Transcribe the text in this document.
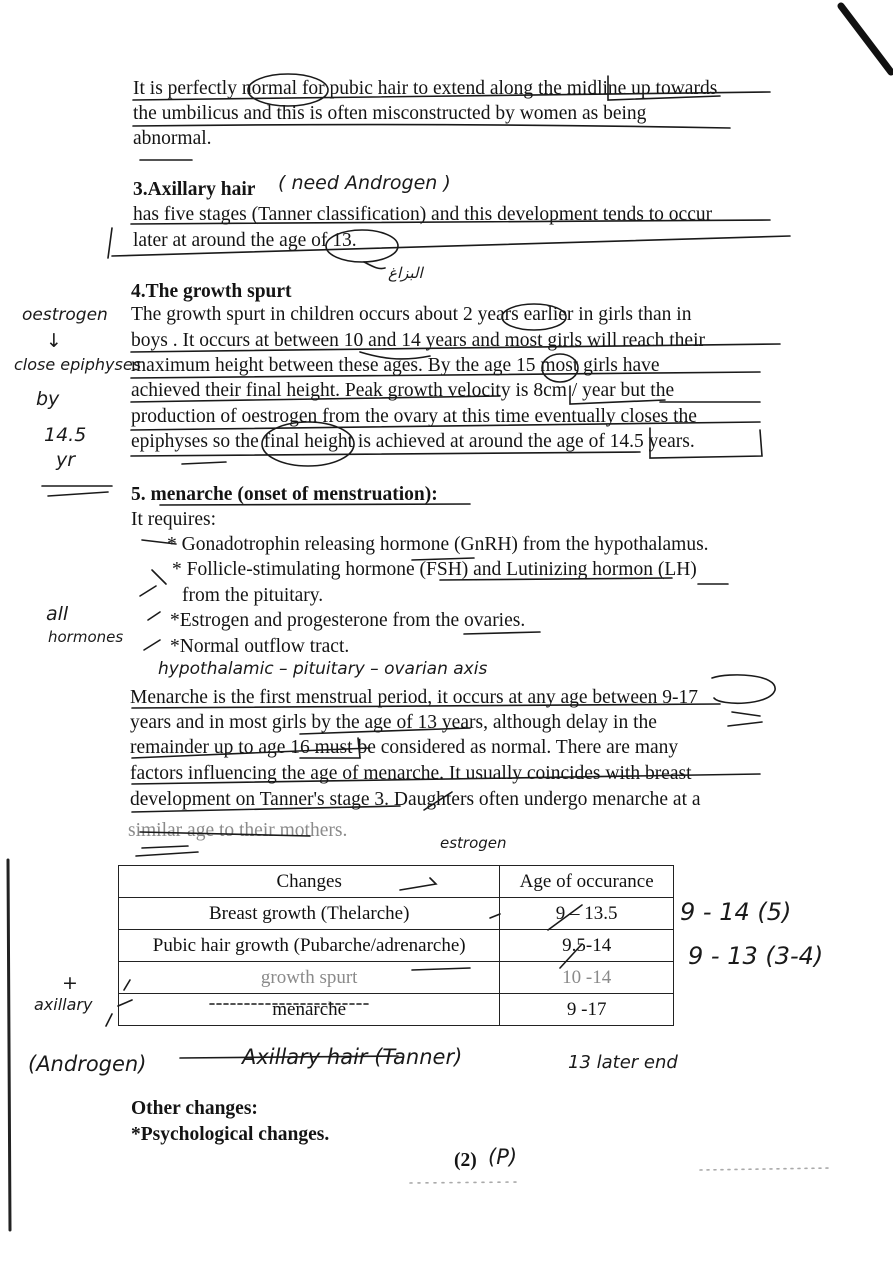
It is perfectly normal for pubic hair to extend along the midline up towards
the umbilicus and this is often misconstructed by women as being
abnormal.
3.Axillary hair ( need Androgen )
has five stages (Tanner classification) and this development tends to occur
later at around the age of 13.
البزاغ
4.The growth spurt
The growth spurt in children occurs about 2 years earlier in girls than in
boys . It occurs at between 10 and 14 years and most girls will reach their
maximum height between these ages. By the age 15 most girls have
achieved their final height. Peak growth velocity is 8cm / year but the
production of oestrogen from the ovary at this time eventually closes the
epiphyses so the final height is achieved at around the age of 14.5 years.
oestrogen
↓
close epiphyses
by
14.5
yr
5. menarche (onset of menstruation):
It requires:
* Gonadotrophin releasing hormone (GnRH) from the hypothalamus.
* Follicle-stimulating hormone (FSH) and Lutinizing hormon (LH)
from the pituitary.
*Estrogen and progesterone from the ovaries.
*Normal outflow tract.
all
hormones
hypothalamic – pituitary – ovarian axis
Menarche is the first menstrual period, it occurs at any age between 9-17
years and in most girls by the age of 13 years, although delay in the
remainder up to age 16 must be considered as normal. There are many
factors influencing the age of menarche. It usually coincides with breast
development on Tanner's stage 3. Daughters often undergo menarche at a
similar age to their mothers.
estrogen
Changes	Age of occurance
Breast growth (Thelarche)	9 – 13.5
Pubic hair growth (Pubarche/adrenarche)	9.5-14
growth spurt	10 -14
menarche	9 -17
9 - 14 (5)
9 - 13 (3-4)
+
axillary
(Androgen)	Axillary hair (Tanner)	13 later end
Other changes:
*Psychological changes.
(2) (P)
